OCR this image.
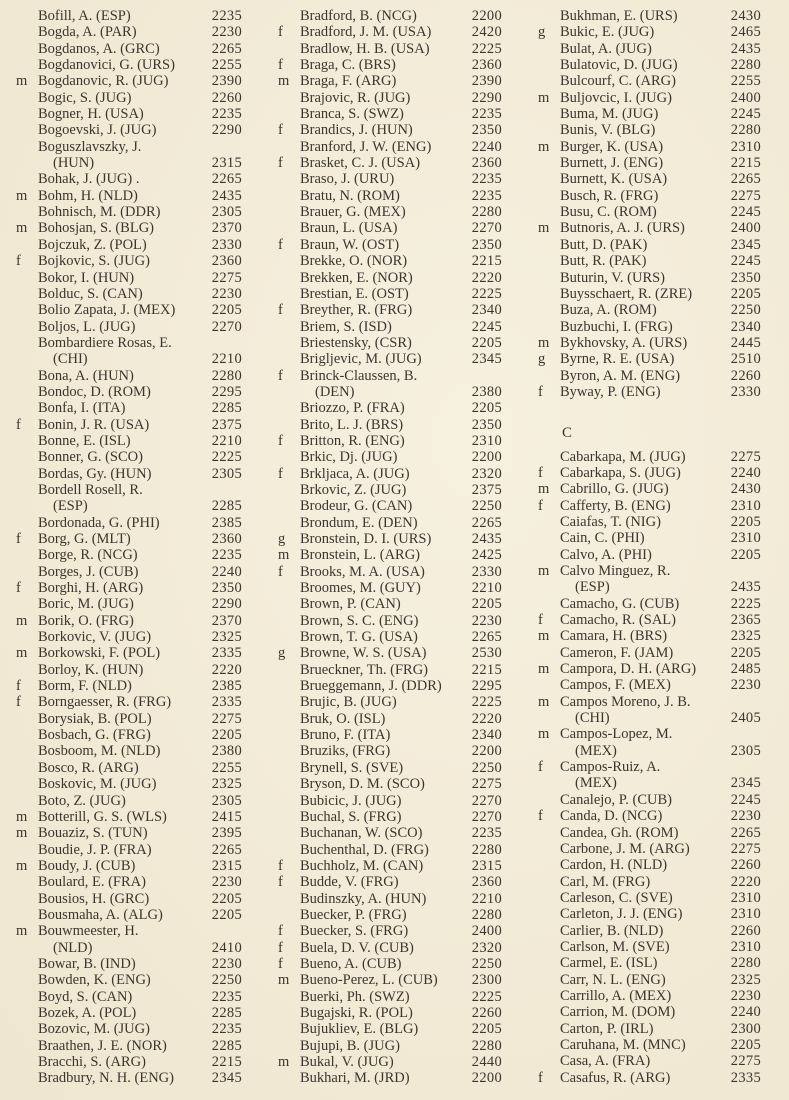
Bofill, A. (ESP)	2235
Bogda, A. (PAR)	2230
Bogdanos, A. (GRC)	2265
Bogdanovici, G. (URS)	2255
m Bogdanovic, R. (JUG)	2390
Bogic, S. (JUG)	2260
Bogner, H. (USA)	2235
Bogoevski, J. (JUG)	2290
Boguszlavszky, J.
(HUN)	2315
Bohak, J. (JUG) .	2265
m Bohm, H. (NLD)	2435
Bohnisch, M. (DDR)	2305
m Bohosjan, S. (BLG)	2370
Bojczuk, Z. (POL)	2330
f	Bojkovic, S. (JUG)	2360
Bokor, I. (HUN)	2275
Bolduc, S. (CAN)	2230
Bolio Zapata, J. (MEX)	2205
Boljos, L. (JUG)	2270
Bombardiere Rosas, E.
(CHI)	2210
Bona, A. (HUN)	2280
Bondoc, D. (ROM)	2295
Bonfa, I. (ITA)	2285
f	Bonin, J. R. (USA)	2375
Bonne, E. (ISL)	2210
Bonner, G. (SCO)	2225
Bordas, Gy. (HUN)	2305
Bordell Rosell, R.
(ESP)	2285
Bordonada, G. (PHI)	2385
f	Borg, G. (MLT)	2360
Borge, R. (NCG)	2235
Borges, J. (CUB)	2240
f	Borghi, H. (ARG)	2350
Boric, M. (JUG)	2290
m Borik, O. (FRG)	2370
Borkovic, V. (JUG)	2325
m Borkowski, F. (POL)	2335
Borloy, K. (HUN)	2220
f	Borm, F. (NLD)	2385
f	Borngaesser, R. (FRG)	2335
Borysiak, B. (POL)	2275
Bosbach, G. (FRG)	2205
Bosboom, M. (NLD)	2380
Bosco, R. (ARG)	2255
Boskovic, M. (JUG)	2325
Boto, Z. (JUG)	2305
m Botterill, G. S. (WLS)	2415
m Bouaziz, S. (TUN)	2395
Boudie, J. P. (FRA)	2265
m Boudy, J. (CUB)	2315
Boulard, E. (FRA)	2230
Bousios, H. (GRC)	2205
Bousmaha, A. (ALG)	2205
m Bouwmeester, H.
(NLD)	2410
Bowar, B. (IND)	2230
Bowden, K. (ENG)	2250
Boyd, S. (CAN)	2235
Bozek, A. (POL)	2285
Bozovic, M. (JUG)	2235
Braathen, J. E. (NOR)	2285
Bracchi, S. (ARG)	2215
Bradbury, N. H. (ENG)	2345
Bradford, B. (NCG)	2200
f	Bradford, J. M. (USA)	2420
Bradlow, H. B. (USA)	2225
f	Braga, C. (BRS)	2360
m Braga, F. (ARG)	2390
Brajovic, R. (JUG)	2290
Branca, S. (SWZ)	2235
f	Brandics, J. (HUN)	2350
Branford, J. W. (ENG)	2240
f	Brasket, C. J. (USA)	2360
Braso, J. (URU)	2235
Bratu, N. (ROM)	2235
Brauer, G. (MEX)	2280
Braun, L. (USA)	2270
f	Braun, W. (OST)	2350
Brekke, O. (NOR)	2215
Brekken, E. (NOR)	2220
Brestian, E. (OST)	2225
f	Breyther, R. (FRG)	2340
Briem, S. (ISD)	2245
Briestensky, (CSR)	2205
Brigljevic, M. (JUG)	2345
f	Brinck-Claussen, B.
(DEN)	2380
Briozzo, P. (FRA)	2205
Brito, L. J. (BRS)	2350
f	Britton, R. (ENG)	2310
Brkic, Dj. (JUG)	2200
f	Brkljaca, A. (JUG)	2320
Brkovic, Z. (JUG)	2375
Brodeur, G. (CAN)	2250
Brondum, E. (DEN)	2265
g	Bronstein, D. I. (URS)	2435
m Bronstein, L. (ARG)	2425
f	Brooks, M. A. (USA)	2330
Broomes, M. (GUY)	2210
Brown, P. (CAN)	2205
Brown, S. C. (ENG)	2230
Brown, T. G. (USA)	2265
g	Browne, W. S. (USA)	2530
Brueckner, Th. (FRG)	2215
Brueggemann, J. (DDR) 2295
Brujic, B. (JUG)	2225
Bruk, O. (ISL)	2220
Bruno, F. (ITA)	2340
Bruziks, (FRG)	2200
Brynell, S. (SVE)	2250
Bryson, D. M. (SCO)	2275
Bubicic, J. (JUG)	2270
Buchal, S. (FRG)	2270
Buchanan, W. (SCO)	2235
Buchenthal, D. (FRG)	2280
f	Buchholz, M. (CAN)	2315
f	Budde, V. (FRG)	2360
Budinszky, A. (HUN)	2210
Buecker, P. (FRG)	2280
f	Buecker, S. (FRG)	2400
f	Buela, D. V. (CUB)	2320
f	Bueno, A. (CUB)	2250
m Bueno-Perez, L. (CUB) 2300
Buerki, Ph. (SWZ)	2225
Bugajski, R. (POL)	2260
Bujukliev, E. (BLG)	2205
Bujupi, B. (JUG)	2280
m Bukal, V. (JUG)	2440
Bukhari, M. (JRD)	2200
Bukhman, E. (URS)	2430
g	Bukic, E. (JUG)	2465
Bulat, A. (JUG)	2435
Bulatovic, D. (JUG)	2280
Bulcourf, C. (ARG)	2255
m Buljovcic, I. (JUG)	2400
Buma, M. (JUG)	2245
Bunis, V. (BLG)	2280
m Burger, K. (USA)	2310
Burnett, J. (ENG)	2215
Burnett, K. (USA)	2265
Busch, R. (FRG)	2275
Busu, C. (ROM)	2245
m Butnoris, A. J. (URS)	2400
Butt, D. (PAK)	2345
Butt, R. (PAK)	2245
Buturin, V. (URS)	2350
Buysschaert, R. (ZRE)	2205
Buza, A. (ROM)	2250
Buzbuchi, I. (FRG)	2340
m Bykhovsky, A. (URS)	2445
g	Byrne, R. E. (USA)	2510
Byron, A. M. (ENG)	2260
f	Byway, P. (ENG)	2330
C
Cabarkapa, M. (JUG)	2275
f	Cabarkapa, S. (JUG)	2240
m Cabrillo, G. (JUG)	2430
f	Cafferty, B. (ENG)	2310
Caiafas, T. (NIG)	2205
Cain, C. (PHI)	2310
Calvo, A. (PHI)	2205
m Calvo Minguez, R.
(ESP)	2435
Camacho, G. (CUB)	2225
f	Camacho, R. (SAL)	2365
m Camara, H. (BRS)	2325
Cameron, F. (JAM)	2205
m Campora, D. H. (ARG) 2485
Campos, F. (MEX)	2230
m Campos Moreno, J. B.
(CHI)	2405
m Campos-Lopez, M.
(MEX)	2305
f	Campos-Ruiz, A.
(MEX)	2345
Canalejo, P. (CUB)	2245
f	Canda, D. (NCG)	2230
Candea, Gh. (ROM)	2265
Carbone, J. M. (ARG)	2275
Cardon, H. (NLD)	2260
Carl, M. (FRG)	2220
Carleson, C. (SVE)	2310
Carleton, J. J. (ENG)	2310
Carlier, B. (NLD)	2260
Carlson, M. (SVE)	2310
Carmel, E. (ISL)	2280
Carr, N. L. (ENG)	2325
Carrillo, A. (MEX)	2230
Carrion, M. (DOM)	2240
Carton, P. (IRL)	2300
Caruhana, M. (MNC)	2205
Casa, A. (FRA)	2275
f	Casafus, R. (ARG)	2335
